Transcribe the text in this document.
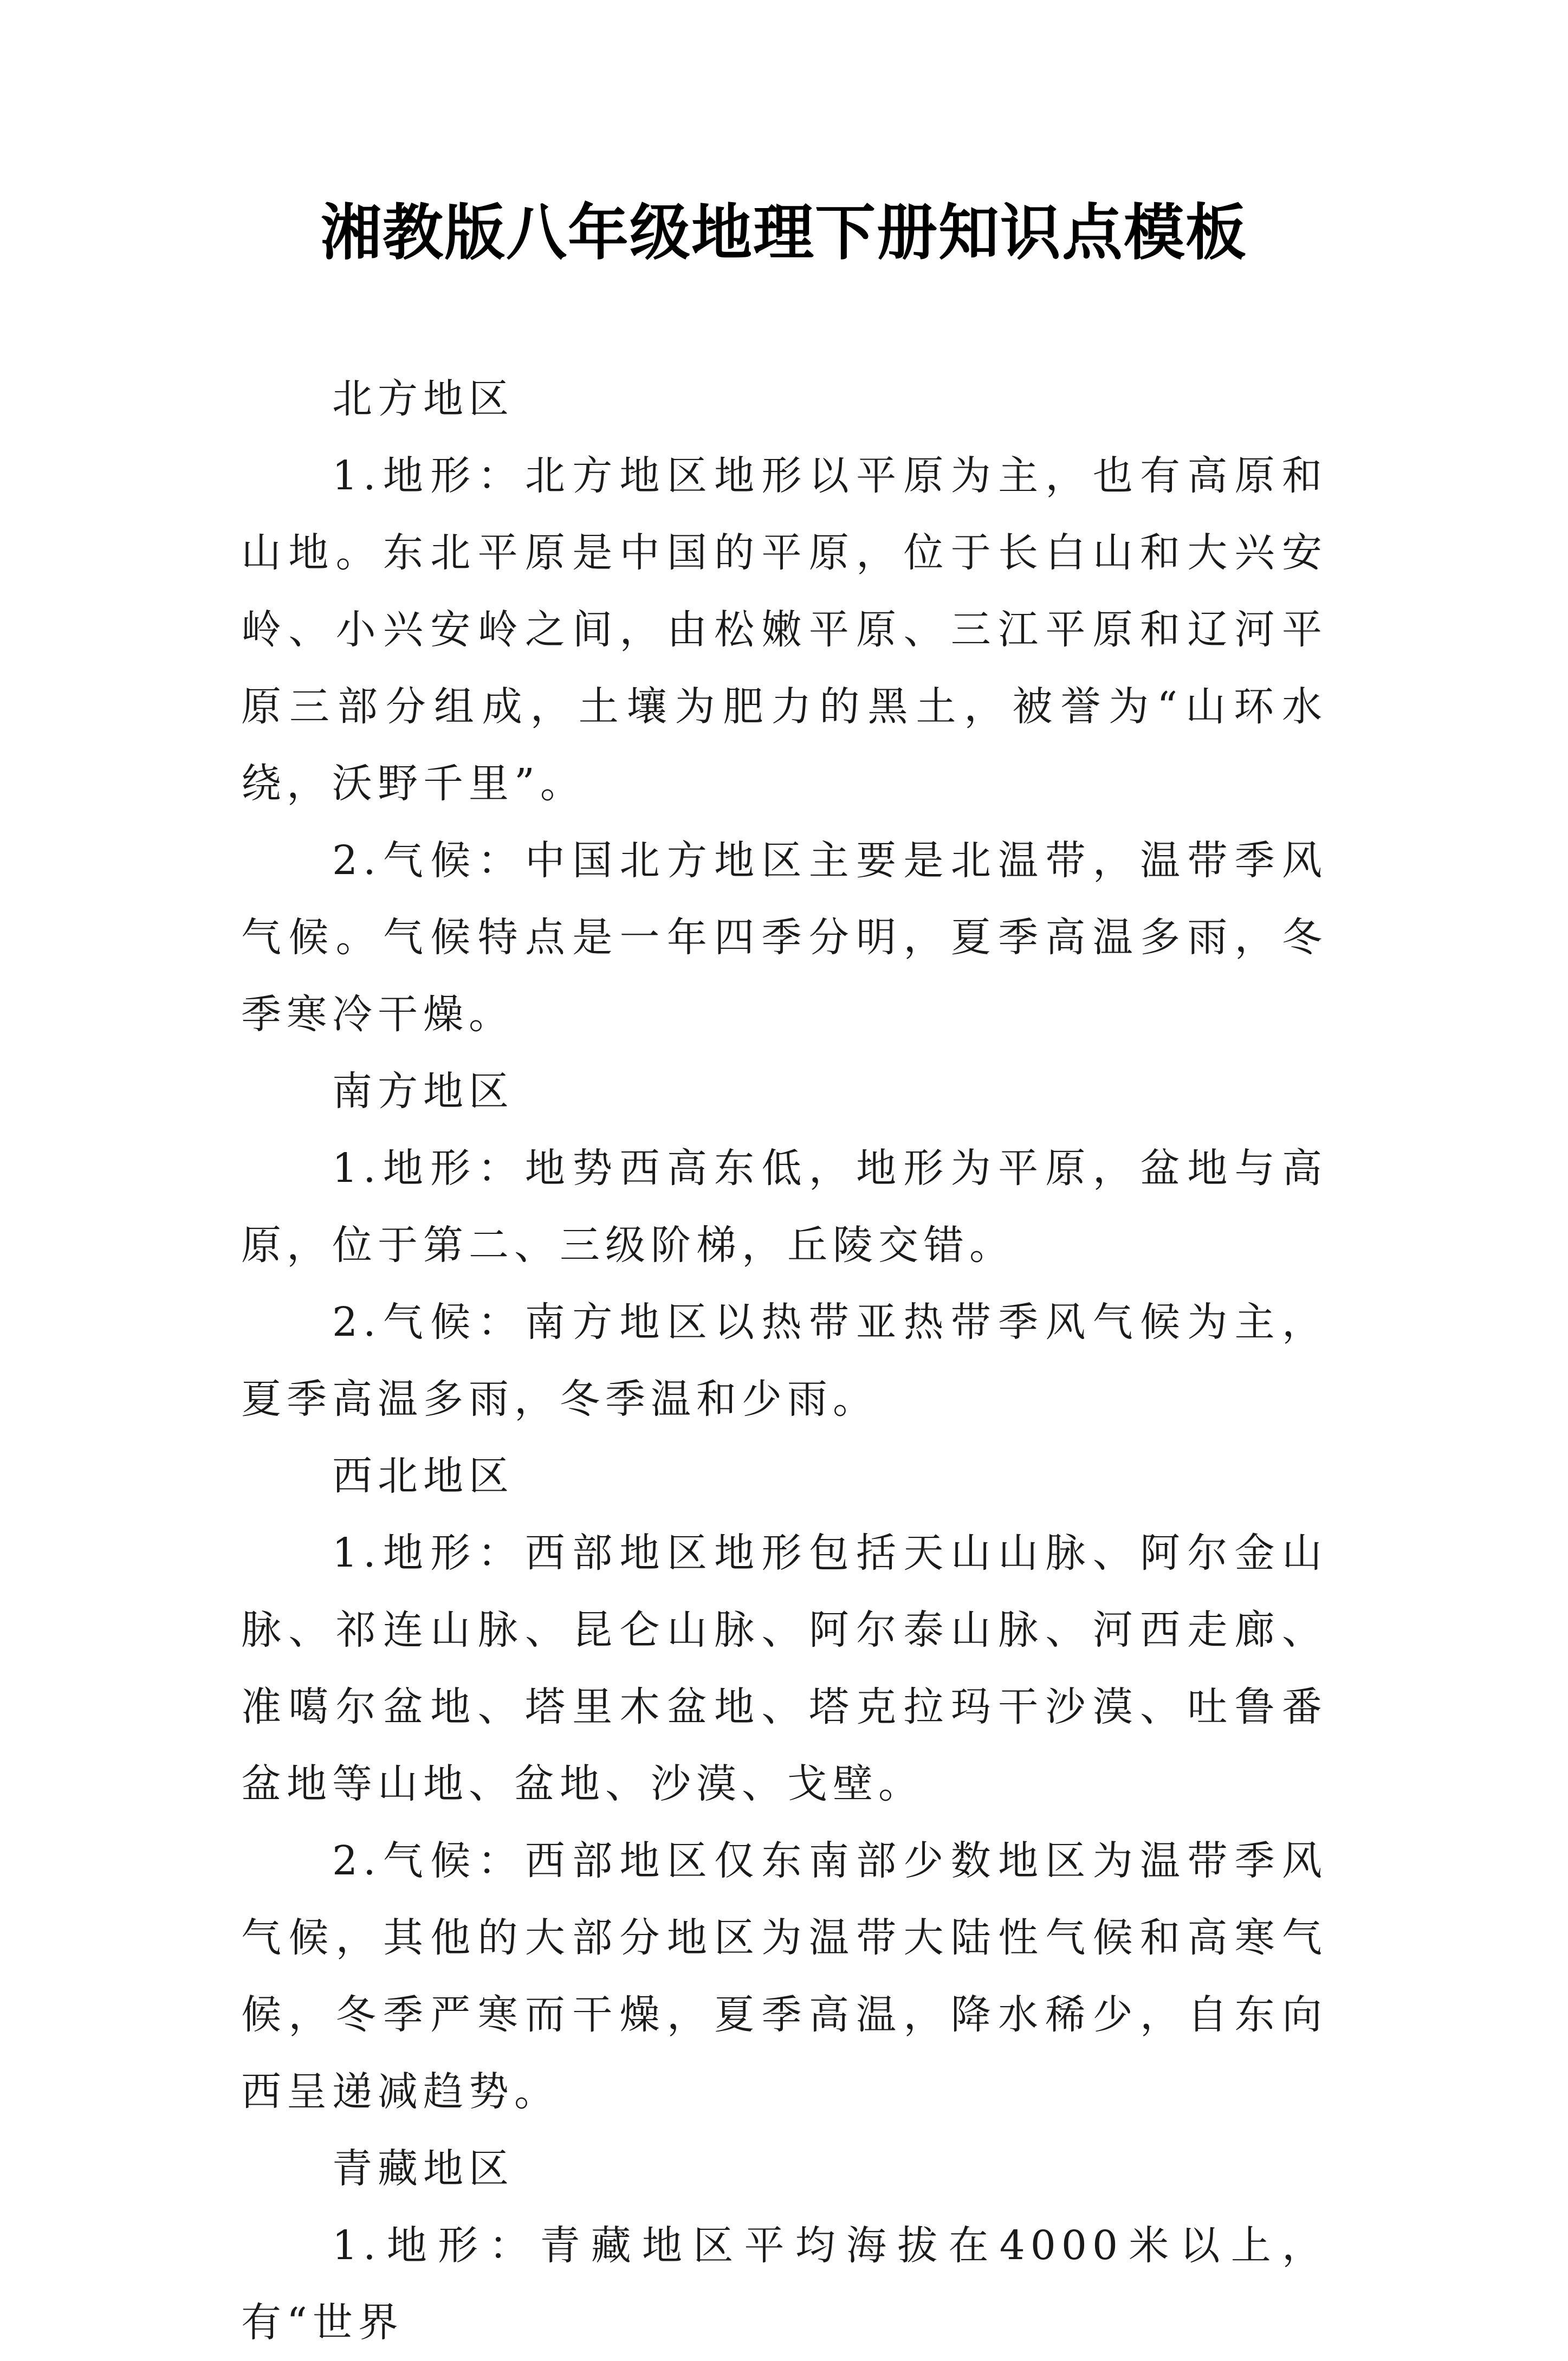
湘教版八年级地理下册知识点模板

北方地区

1.地形：北方地区地形以平原为主，也有高原和山地。东北平原是中国的平原，位于长白山和大兴安岭、小兴安岭之间，由松嫩平原、三江平原和辽河平原三部分组成，土壤为肥力的黑土，被誉为“山环水绕，沃野千里”。

2.气候：中国北方地区主要是北温带，温带季风气候。气候特点是一年四季分明，夏季高温多雨，冬季寒冷干燥。

南方地区

1.地形：地势西高东低，地形为平原，盆地与高原，位于第二、三级阶梯，丘陵交错。

2.气候：南方地区以热带亚热带季风气候为主，夏季高温多雨，冬季温和少雨。

西北地区

1.地形：西部地区地形包括天山山脉、阿尔金山脉、祁连山脉、昆仑山脉、阿尔泰山脉、河西走廊、准噶尔盆地、塔里木盆地、塔克拉玛干沙漠、吐鲁番盆地等山地、盆地、沙漠、戈壁。

2.气候：西部地区仅东南部少数地区为温带季风气候，其他的大部分地区为温带大陆性气候和高寒气候，冬季严寒而干燥，夏季高温，降水稀少，自东向西呈递减趋势。

青藏地区

1.地形：青藏地区平均海拔在4000米以上，有“世界
